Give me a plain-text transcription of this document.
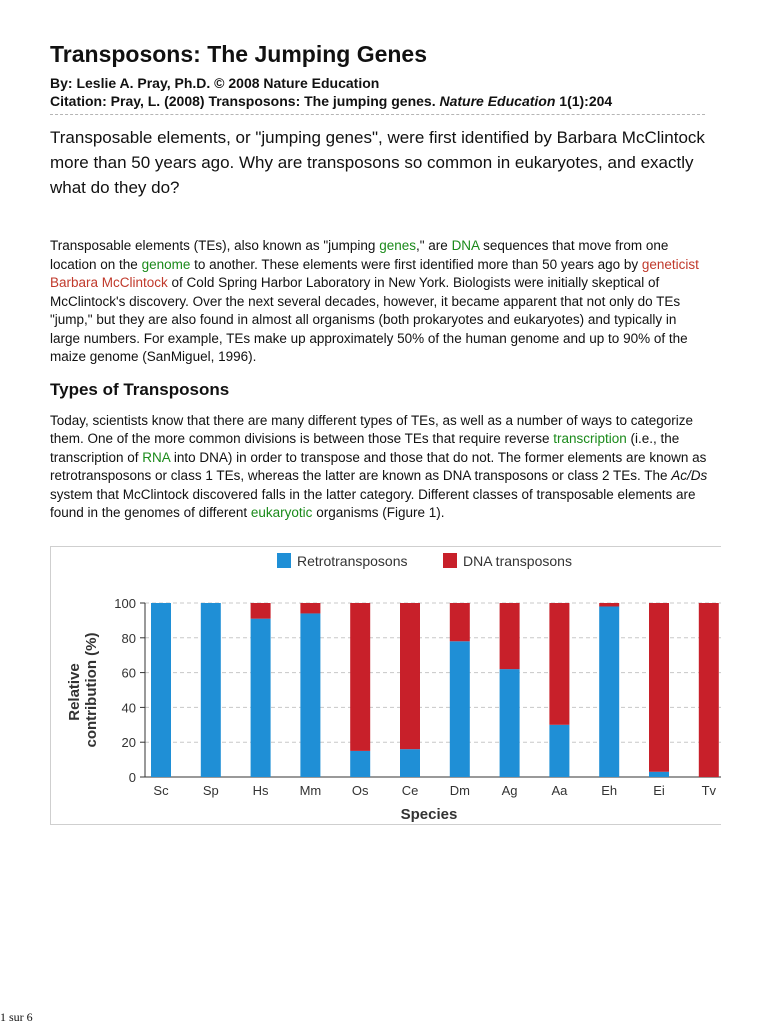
Transposons: The Jumping Genes
By: Leslie A. Pray, Ph.D. © 2008 Nature Education
Citation: Pray, L. (2008) Transposons: The jumping genes. Nature Education 1(1):204

Transposable elements, or "jumping genes", were first identified by Barbara McClintock more than 50 years ago. Why are transposons so common in eukaryotes, and exactly what do they do?

Transposable elements (TEs), also known as "jumping genes," are DNA sequences that move from one location on the genome to another. These elements were first identified more than 50 years ago by geneticist Barbara McClintock of Cold Spring Harbor Laboratory in New York. Biologists were initially skeptical of McClintock's discovery. Over the next several decades, however, it became apparent that not only do TEs "jump," but they are also found in almost all organisms (both prokaryotes and eukaryotes) and typically in large numbers. For example, TEs make up approximately 50% of the human genome and up to 90% of the maize genome (SanMiguel, 1996).

Types of Transposons

Today, scientists know that there are many different types of TEs, as well as a number of ways to categorize them. One of the more common divisions is between those TEs that require reverse transcription (i.e., the transcription of RNA into DNA) in order to transpose and those that do not. The former elements are known as retrotransposons or class 1 TEs, whereas the latter are known as DNA transposons or class 2 TEs. The Ac/Ds system that McClintock discovered falls in the latter category. Different classes of transposable elements are found in the genomes of different eukaryotic organisms (Figure 1).

0
20
40
60
80
100
Sc	Sp	Hs Mm Os	Ce Dm Ag	Aa	Eh	Ei	Tv
Species
Relativecontribution (%)
Retrotransposons	DNA transposons
1 sur 6
